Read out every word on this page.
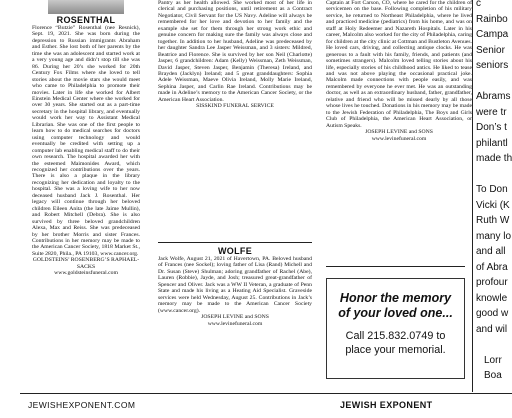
ROSENTHAL

Florence “Butzie” Rosenthal (nee Resnick), Sept. 19, 2021. She was born during the depression to Russian immigrants Abraham and Esther. She lost both of her parents by the time she was an adolescent and started work at a very young age and didn’t stop till she was 86. During her 20’s she worked for 20th Century Fox Films where she loved to tell stories about the movie stars she would meet who came to Philadelphia to promote their movies. Later in life she worked for Albert Einstein Medical Center where she worked for over 30 years. She started out as a part-time secretary in the hospital library, and eventually would work her way to Assistant Medical Librarian. She was one of the first people to learn how to do medical searches for doctors using computer technology and would eventually be credited with setting up a computer lab enabling medical staff to do their own research. The hospital awarded her with the esteemed Maimonides Award, which recognized her contributions over the years. There is also a plaque in the library recognizing her dedication and loyalty to the hospital. She was a loving wife to her now deceased husband Jack J. Rosenthal. Her legacy will continue through her beloved children Eileen Anita (the late Jaime Mullin), and Robert Mitchell (Debra). She is also survived by three beloved grandchildren Alexa, Max and Reiss. She was predeceased by her brother Morris and sister Frances. Contributions in her memory may be made to the American Cancer Society, 1818 Market St., Suite 2820, Phila., PA 19103, www.cancer.org.

GOLDSTEINS’ ROSENBERG’S RAPHAEL-SACKS
www.goldsteinsfuneral.com

Pantry as her health allowed. She worked most of her life in clerical and purchasing positions, until retirement as a Contract Negotiator, Civil Servant for the US Navy. Adeline will always be remembered for her love and devotion to her family and the example she set for them through her strong work ethic and genuine concern for making sure the family was always close and together. In addition to her husband, Adeline was predeceased by her daughter Sandra Lee Jasper Weissman, and 3 sisters: Mildred, Beatrice and Florence. She is survived by her son Neil (Charlotte) Jasper, 6 grandchildren: Adam (Kelly) Weissman, Zeth Weissman, David Jasper, Steven Jasper, Benjamin (Theresa) Ireland, and Brayden (Jacklyn) Ireland; and 5 great granddaughters: Sophia Adele Weissman, Maeve Olivia Ireland, Molly Marie Ireland, Sephina Jasper, and Carlin Rae Ireland. Contributions may be made in Adeline’s memory to the American Cancer Society, or the American Heart Association.

SISSKIND FUNERAL SERVICE
WOLFE

Jack Wolfe, August 21, 2021 of Havertown, PA. Beloved husband of Frances (nee Sockel); loving father of Lisa (Rand) Michell and Dr. Susan (Steve) Shulman; adoring grandfather of Rachel (Abe), Lauren (Robbie), Jayde, and Josh; treasured great-grandfather of Spencer and Oliver. Jack was a WW II Veteran, a graduate of Penn State and made his living as a Heating Aid Specialist. Graveside services were held Wednesday, August 25. Contributions in Jack’s memory may be made to the American Cancer Society (www.cancer.org).

JOSEPH LEVINE and SONS
www.levinefuneral.com

Captain at Fort Carson, CO, where he cared for the children of servicemen on the base. Following completion of his military service, he returned to Northeast Philadelphia, where he lived and practiced medicine (pediatrics) from his home, and was on staff at Holy Redeemer and Nazareth Hospitals. Later in his career, Malcolm also worked for the city of Philadelphia, caring for children at the city clinic at Cottman and Bustleton Avenues. He loved cars, driving, and collecting antique clocks. He was generous to a fault with his family, friends, and patients (and sometimes strangers). Malcolm loved telling stories about his life, especially stories of his childhood antics. He liked to tease and was not above playing the occasional practical joke. Malcolm made connections with people easily, and was remembered by everyone he ever met. He was an outstanding doctor, as well as an extraordinary husband, father, grandfather, relative and friend who will be missed dearly by all those whose lives he touched. Donations in his memory may be made to the Jewish Federation of Philadelphia, The Boys and Girls Club of Philadelphia, the American Heart Association, or Autism Speaks.

JOSEPH LEVINE and SONS
www.levinefuneral.com
Honor the memory
of your loved one...
Call 215.832.0749 to
place your memorial.
c
Rainbo
Campa
Senior
seniors

Abrams
were tr
Don’s t
philantl
made th

To Don
Vicki (K
Ruth W
many lo
and all
of Abra
profour
knowle
good w
and wil

Lorr
Boa
JEWISHEXPONENT.COM	JEWISH EXPONENT
